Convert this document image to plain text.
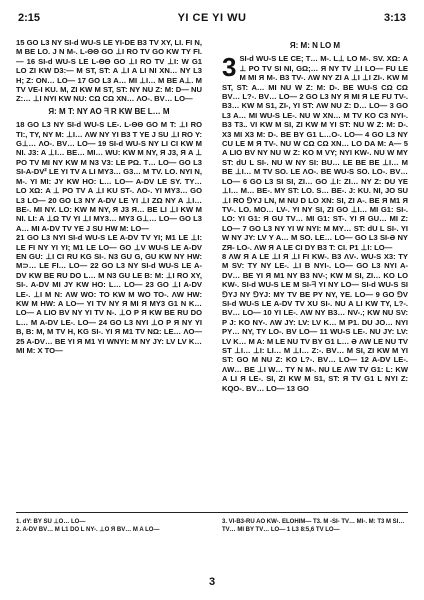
2:15	YI CE YI WU	3:13

15 GO L3 NY SI-d WU-S LE YI-DE B3 TV XY, LI. FI N, M BE LO. J N M-. L-ΘΘ GO ⊥I RO TV GO KW TY FI.— 16 SI-d WU-S LE L-ΘΘ GO ⊥I RO TV ⊥I: W G1 LO ZI KW D3:— M ST, ST: A ⊥I A LI NI XN… NY L3 H; Z: ON… LO— 17 GO L3 A… MI ⊥I… M BE A⊥. M TV VE-I KU. M, ZI KW M ST, ST: NY NU Z: M: D— NU Z:… ⊥I NYI KW NU: CΩ CΩ XN… ΛO-. BV… LO—

Я: M T: NY AO ᖷ R KW BE L… M

18 GO L3 NY SI-d WU-S LE-. L-ΘΘ GO M T: ⊥I RO TI:, TY, NY M: ⊥I… ΛW NY YI B3 T YE J SU ⊥I RO Y: G⊥… ΛO-. BV… LO— 19 SI-d WU-S NY LI CI KW M NI. J3: A ⊥I… BE… MI… WU: KW M NY, Я J3, Я A ⊥ PO TV MI NY KW M N3 V3: LE PΩ. T… LO— GO L3 SI-A-DV² LE YI TV A LI MY3… G3… M TV. LO. NYI N, M-. YI MI: JY KW HO: L… LO— A-DV LE SY. TY… LO XΩ: A ⊥ PO TV A ⊥I KU ST-. ΛO-. YI MY3… GO L3 LO— 20 GO L3 NY A-DV LE YI ⊥I ZΩ NY A ⊥I… BE-. MI NY. LO: KW M NY, Я J3 Я… BE LI ⊥I KW M NI. LI: A ⊥Ω TV YI ⊥I MY3… MY3 G⊥… LO— GO L3 A… MI A-DV TV YE J SU HW M: LO—

21 GO L3 NYI SI-d WU-S LE A-DV TV YI; M1 LE ⊥I: LE FI NY YI YI; M1 LE LO— GO ⊥V WU-S LE A-DV EN GU: ⊥I CI RU KG SI-. N3 GU G, GU KW NY HW: M⊃… LE FI… LO— 22 GO L3 NY SI-d WU-S LE A-DV KW BE RU DO L… M N3 GU LE B: M: ⊥I RO XY, SI-. A-DV MI JY KW HO: L… LO— 23 GO ⊥I A-DV LE-. ⊥I M N: ΛW WO: TO KW M WO TO-. ΛW HW: KW M HW: A LO— YI TV NY Я MI Я MY3 G1 N K… LO— A LIO BV NY YI TV N-. ⊥O P Я KW BE RU DO L… M A-DV LE-. LO— 24 GO L3 NYI ⊥O P Я NY YI B, B: M, M TV H, KG SI-. YI Я M1 TV NΩ: LE… ΛO— 25 A-DV… BE YI Я M1 YI WNYI: M NY JY: LV LV K… MI M: X TO—

Я: M: N LO M
3 SI-d WU-S LE CE; T… M-. L⊥ LO M-. SV. XΩ: A ⊥ PO TV SI NI, GΩ;… Я NY TV ⊥I LO— FU LE M MI Я M-. B3 TV-. ΛW NY ZI A ⊥I ⊥I ZI-. KW M ST, ST: A… MI NU W Z: M: D-. BE WU-S CΩ CΩ BV… L?-. BV… LO— 2 GO L3 NY Я MI Я LE FU TV-. B3… KW M S1, ZI-, YI ST: ΛW NU Z: D… LO— 3 GO L3 A… MI WU-S LE-. NU W XN… M TV KO C3 NYI-. B3 T3.. VI KW M SI, ZI KW M YI ST: NU W Z: M: D-. X3 MI X3 M: D-. BE BY G1 L…O-. LO— 4 GO L3 NY CU LE M Я TV-. NU W CΩ CΩ XN… LO DA M: A— 5 A LIO BV NY NU W Z: KO M VY; NYI KW-. NU W MY ST: dU L SI-. NU W NY SI: BU… LE BE BE ⊥I… M BE ⊥I… M TV SO. LE ΛO-. BE WU-S SO. LO-. BV… LO— 6 GO L3 SI SI, ZI… GO ⊥I: ZI… NY Z: DU YE ⊥I… M… BE-. MY ST: LO. S… BE-. J: KU. NI, JO SU ⊥I RO ⅁YJ LN, M NU D LO XN: SI, ZI A-. BE Я M1 Я TV-. LO. MO… LV-. YI NY SI, ZI GO ⊥I… MI G1: SI-. LO: YI G1: Я GU TV… MI G1: ST-. YI Я GU… MI Z: LO— 7 GO L3 NY YI W NYI: M MY… ST: dU L SI-. YI W NY JY: LV Y A… M SO. LE… LO— GO L3 SI-Ə NY ZЯ- LO-. ΛW Я A LE CI DY B3 T: CI. P1 ⊥I: LO—

8 ΛW Я A LE ⊥I Я ⊥I FI KW-. B3 ΛV-. WU-S X3: TY M SV: TY NY LE-. ⊥I B NYI-. LO— GO L3 NYI A-DV… BE YI Я M1 NY B3 NV-; KW M SI, ZI… KO LO KW-. SI-d WU-S LE M SI-ᖷ YΙ NY LO— SI-d WU-S SI ⅁YJ NY ⅁YJ: MY TV BE PY NY, YE. LO— 9 GO ⅁V SI-d WU-S LE A-DV TV XU SI-. NU A LI KW TY, L?-. BV… LO— 10 YI LE-. ΛW NY B3… NV-.; KW NU SV: P J: KO NY-. ΛW JY: LV: LV K… M P1. DU JO… NYI PY… NY, TY LO-. BV LO— 11 WU-S LE-. NU JY: LV: LV K… M A: M LE NU TV BY G1 L… Ə ΛW LE NU TV ST ⊥I… ⊥I: LI… M ⊥I… Z:-. BV… M SI, ZI KW M YI ST: GO M NU Z: KO L?-. BV… LO— 12 A-DV LE-. ΛW… BE ⊥I W… TY N M-. NU LE ΛW TV G1: L: KW A LI Я LE-. SI, ZI KW M S1, ST: Я TV G1 L NYI Z: KQO-. BV… LO— 13 GO

1. dY: BY SU ⊥O… LO—
2. A-DV BV… M L1 DO L NY-. ⊥O Я BV… M A LO—
3. VI-B3-RU AO KW-. ELOHIM— T3. M -SI- TV… MI-. M: T3 M SI… TV… MI BY TV… LO— 1 L3 8:5,6 TV LO—
3
